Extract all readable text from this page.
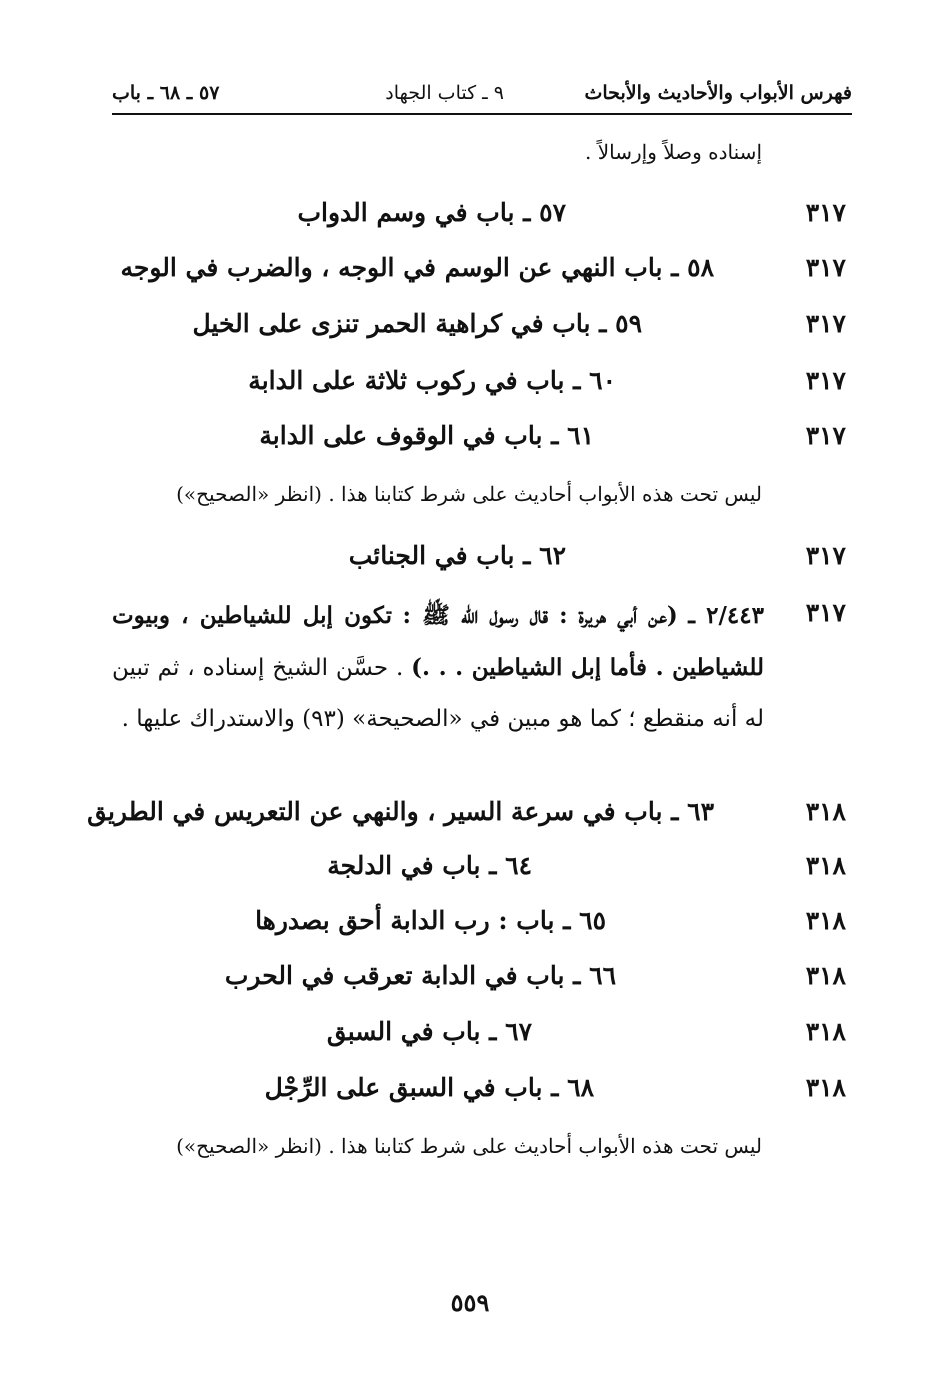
فهرس الأبواب والأحاديث والأبحاث
٩ ـ كتاب الجهاد
٥٧ ـ ٦٨ ـ باب
إسناده وصلاً وإرسالاً .
٣١٧
٥٧ ـ باب في وسم الدواب
٣١٧
٥٨ ـ باب النهي عن الوسم في الوجه ، والضرب في الوجه
٣١٧
٥٩ ـ باب في كراهية الحمر تنزى على الخيل
٣١٧
٦٠ ـ باب في ركوب ثلاثة على الدابة
٣١٧
٦١ ـ باب في الوقوف على الدابة
ليس تحت هذه الأبواب أحاديث على شرط كتابنا هذا . (انظر «الصحيح»)
٣١٧
٦٢ ـ باب في الجنائب
٣١٧
٢/٤٤٣ ـ (عن أبي هريرة : قال رسول الله ﷺ : تكون إبل للشياطين ، وبيوت للشياطين . فأما إبل الشياطين . . .) . حسَّن الشيخ إسناده ، ثم تبين له أنه منقطع ؛ كما هو مبين في «الصحيحة» (٩٣) والاستدراك عليها .
٣١٨
٦٣ ـ باب في سرعة السير ، والنهي عن التعريس في الطريق
٣١٨
٦٤ ـ باب في الدلجة
٣١٨
٦٥ ـ باب : رب الدابة أحق بصدرها
٣١٨
٦٦ ـ باب في الدابة تعرقب في الحرب
٣١٨
٦٧ ـ باب في السبق
٣١٨
٦٨ ـ باب في السبق على الرِّجْل
ليس تحت هذه الأبواب أحاديث على شرط كتابنا هذا . (انظر «الصحيح»)
٥٥٩
